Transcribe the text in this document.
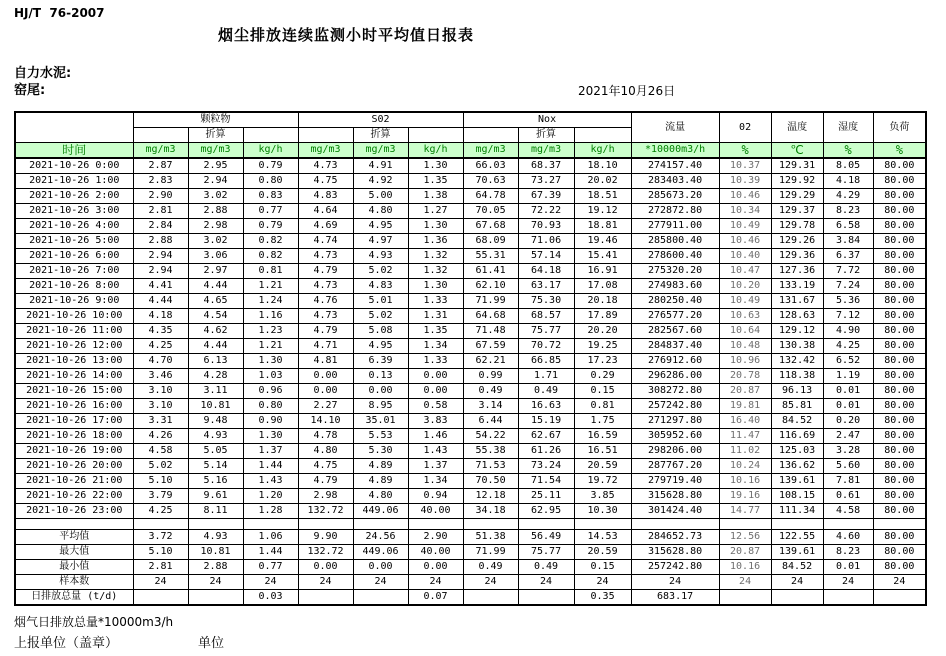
HJ/T  76-2007
烟尘排放连续监测小时平均值日报表
自力水泥:
窑尾:	2021年10月26日
	颗粒物			S02			Nox			流量	02	温度	湿度	负荷
		折算			折算			折算						
时间	mg/m3	mg/m3	kg/h	mg/m3	mg/m3	kg/h	mg/m3	mg/m3	kg/h	*10000m3/h	%	℃	%	%
2021-10-26 0:00	2.87	2.95	0.79	4.73	4.91	1.30	66.03	68.37	18.10	274157.40	10.37	129.31	8.05	80.00
2021-10-26 1:00	2.83	2.94	0.80	4.75	4.92	1.35	70.63	73.27	20.02	283403.40	10.39	129.92	4.18	80.00
2021-10-26 2:00	2.90	3.02	0.83	4.83	5.00	1.38	64.78	67.39	18.51	285673.20	10.46	129.29	4.29	80.00
2021-10-26 3:00	2.81	2.88	0.77	4.64	4.80	1.27	70.05	72.22	19.12	272872.80	10.34	129.37	8.23	80.00
2021-10-26 4:00	2.84	2.98	0.79	4.69	4.95	1.30	67.68	70.93	18.81	277911.00	10.49	129.78	6.58	80.00
2021-10-26 5:00	2.88	3.02	0.82	4.74	4.97	1.36	68.09	71.06	19.46	285800.40	10.46	129.26	3.84	80.00
2021-10-26 6:00	2.94	3.06	0.82	4.73	4.93	1.32	55.31	57.14	15.41	278600.40	10.40	129.36	6.37	80.00
2021-10-26 7:00	2.94	2.97	0.81	4.79	5.02	1.32	61.41	64.18	16.91	275320.20	10.47	127.36	7.72	80.00
2021-10-26 8:00	4.41	4.44	1.21	4.73	4.83	1.30	62.10	63.17	17.08	274983.60	10.20	133.19	7.24	80.00
2021-10-26 9:00	4.44	4.65	1.24	4.76	5.01	1.33	71.99	75.30	20.18	280250.40	10.49	131.67	5.36	80.00
2021-10-26 10:00	4.18	4.54	1.16	4.73	5.02	1.31	64.68	68.57	17.89	276577.20	10.63	128.63	7.12	80.00
2021-10-26 11:00	4.35	4.62	1.23	4.79	5.08	1.35	71.48	75.77	20.20	282567.60	10.64	129.12	4.90	80.00
2021-10-26 12:00	4.25	4.44	1.21	4.71	4.95	1.34	67.59	70.72	19.25	284837.40	10.48	130.38	4.25	80.00
2021-10-26 13:00	4.70	6.13	1.30	4.81	6.39	1.33	62.21	66.85	17.23	276912.60	10.96	132.42	6.52	80.00
2021-10-26 14:00	3.46	4.28	1.03	0.00	0.13	0.00	0.99	1.71	0.29	296286.00	20.78	118.38	1.19	80.00
2021-10-26 15:00	3.10	3.11	0.96	0.00	0.00	0.00	0.49	0.49	0.15	308272.80	20.87	96.13	0.01	80.00
2021-10-26 16:00	3.10	10.81	0.80	2.27	8.95	0.58	3.14	16.63	0.81	257242.80	19.81	85.81	0.01	80.00
2021-10-26 17:00	3.31	9.48	0.90	14.10	35.01	3.83	6.44	15.19	1.75	271297.80	16.40	84.52	0.20	80.00
2021-10-26 18:00	4.26	4.93	1.30	4.78	5.53	1.46	54.22	62.67	16.59	305952.60	11.47	116.69	2.47	80.00
2021-10-26 19:00	4.58	5.05	1.37	4.80	5.30	1.43	55.38	61.26	16.51	298206.00	11.02	125.03	3.28	80.00
2021-10-26 20:00	5.02	5.14	1.44	4.75	4.89	1.37	71.53	73.24	20.59	287767.20	10.24	136.62	5.60	80.00
2021-10-26 21:00	5.10	5.16	1.43	4.79	4.89	1.34	70.50	71.54	19.72	279719.40	10.16	139.61	7.81	80.00
2021-10-26 22:00	3.79	9.61	1.20	2.98	4.80	0.94	12.18	25.11	3.85	315628.80	19.16	108.15	0.61	80.00
2021-10-26 23:00	4.25	8.11	1.28	132.72	449.06	40.00	34.18	62.95	10.30	301424.40	14.77	111.34	4.58	80.00

平均值	3.72	4.93	1.06	9.90	24.56	2.90	51.38	56.49	14.53	284652.73	12.56	122.55	4.60	80.00
最大值	5.10	10.81	1.44	132.72	449.06	40.00	71.99	75.77	20.59	315628.80	20.87	139.61	8.23	80.00
最小值	2.81	2.88	0.77	0.00	0.00	0.00	0.49	0.49	0.15	257242.80	10.16	84.52	0.01	80.00
样本数	24	24	24	24	24	24	24	24	24	24	24	24	24	24
日排放总量 (t/d)			0.03			0.07			0.35	683.17				
烟气日排放总量*10000m3/h
上报单位（盖章）	单位
